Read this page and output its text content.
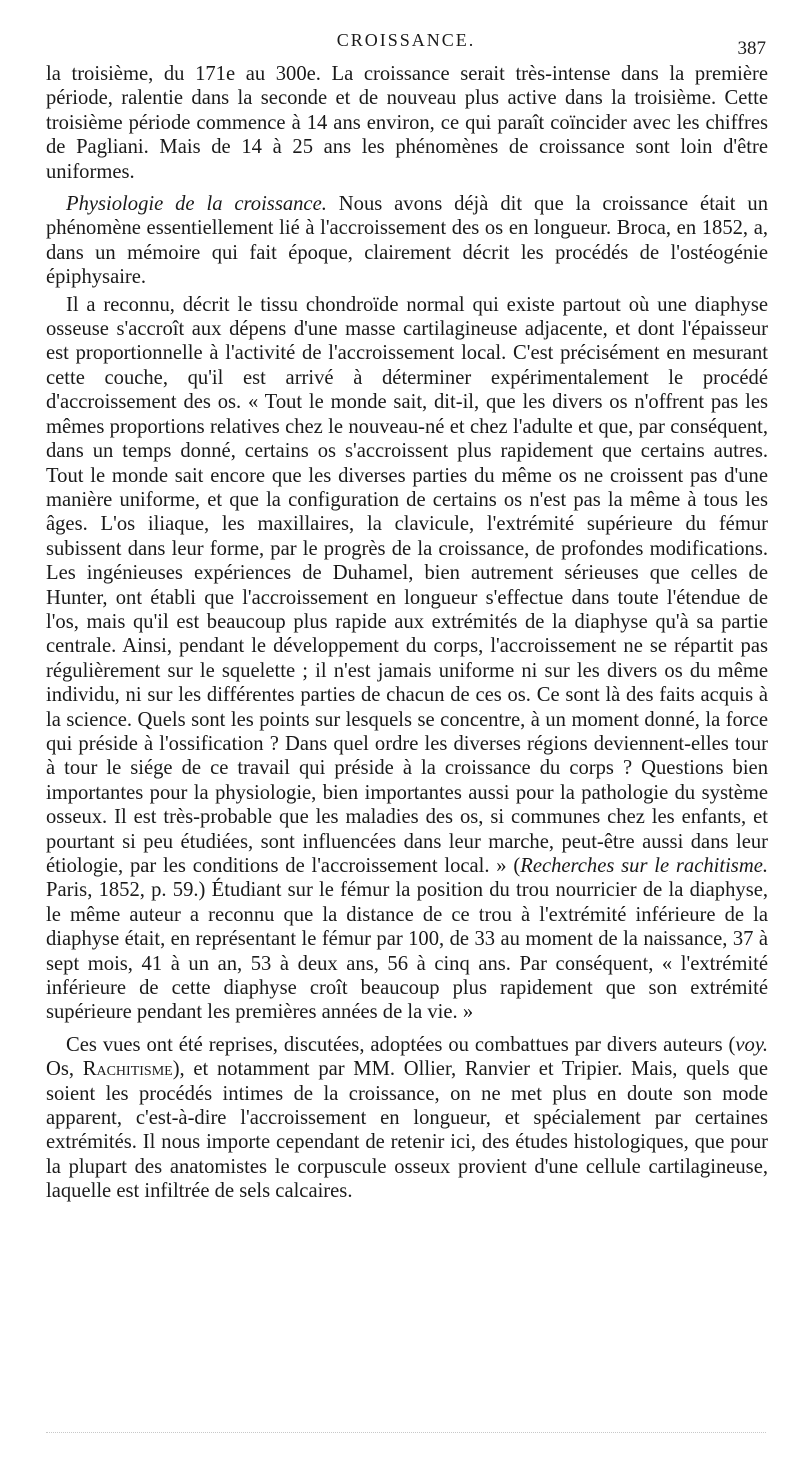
CROISSANCE.	387

la troisième, du 171e au 300e. La croissance serait très-intense dans la première période, ralentie dans la seconde et de nouveau plus active dans la troisième. Cette troisième période commence à 14 ans environ, ce qui paraît coïncider avec les chiffres de Pagliani. Mais de 14 à 25 ans les phénomènes de croissance sont loin d'être uniformes.

Physiologie de la croissance. Nous avons déjà dit que la croissance était un phénomène essentiellement lié à l'accroissement des os en longueur. Broca, en 1852, a, dans un mémoire qui fait époque, clairement décrit les procédés de l'ostéogénie épiphysaire.

Il a reconnu, décrit le tissu chondroïde normal qui existe partout où une diaphyse osseuse s'accroît aux dépens d'une masse cartilagineuse adjacente, et dont l'épaisseur est proportionnelle à l'activité de l'accroissement local. C'est précisément en mesurant cette couche, qu'il est arrivé à déterminer expérimentalement le procédé d'accroissement des os. « Tout le monde sait, dit-il, que les divers os n'offrent pas les mêmes proportions relatives chez le nouveau-né et chez l'adulte et que, par conséquent, dans un temps donné, certains os s'accroissent plus rapidement que certains autres. Tout le monde sait encore que les diverses parties du même os ne croissent pas d'une manière uniforme, et que la configuration de certains os n'est pas la même à tous les âges. L'os iliaque, les maxillaires, la clavicule, l'extrémité supérieure du fémur subissent dans leur forme, par le progrès de la croissance, de profondes modifications. Les ingénieuses expériences de Duhamel, bien autrement sérieuses que celles de Hunter, ont établi que l'accroissement en longueur s'effectue dans toute l'étendue de l'os, mais qu'il est beaucoup plus rapide aux extrémités de la diaphyse qu'à sa partie centrale. Ainsi, pendant le développement du corps, l'accroissement ne se répartit pas régulièrement sur le squelette ; il n'est jamais uniforme ni sur les divers os du même individu, ni sur les différentes parties de chacun de ces os. Ce sont là des faits acquis à la science. Quels sont les points sur lesquels se concentre, à un moment donné, la force qui préside à l'ossification ? Dans quel ordre les diverses régions deviennent-elles tour à tour le siége de ce travail qui préside à la croissance du corps ? Questions bien importantes pour la physiologie, bien importantes aussi pour la pathologie du système osseux. Il est très-probable que les maladies des os, si communes chez les enfants, et pourtant si peu étudiées, sont influencées dans leur marche, peut-être aussi dans leur étiologie, par les conditions de l'accroissement local. » (Recherches sur le rachitisme. Paris, 1852, p. 59.) Étudiant sur le fémur la position du trou nourricier de la diaphyse, le même auteur a reconnu que la distance de ce trou à l'extrémité inférieure de la diaphyse était, en représentant le fémur par 100, de 33 au moment de la naissance, 37 à sept mois, 41 à un an, 53 à deux ans, 56 à cinq ans. Par conséquent, « l'extrémité inférieure de cette diaphyse croît beaucoup plus rapidement que son extrémité supérieure pendant les premières années de la vie. »

Ces vues ont été reprises, discutées, adoptées ou combattues par divers auteurs (voy. Os, Rachitisme), et notamment par MM. Ollier, Ranvier et Tripier. Mais, quels que soient les procédés intimes de la croissance, on ne met plus en doute son mode apparent, c'est-à-dire l'accroissement en longueur, et spécialement par certaines extrémités. Il nous importe cependant de retenir ici, des études histologiques, que pour la plupart des anatomistes le corpuscule osseux provient d'une cellule cartilagineuse, laquelle est infiltrée de sels calcaires.
